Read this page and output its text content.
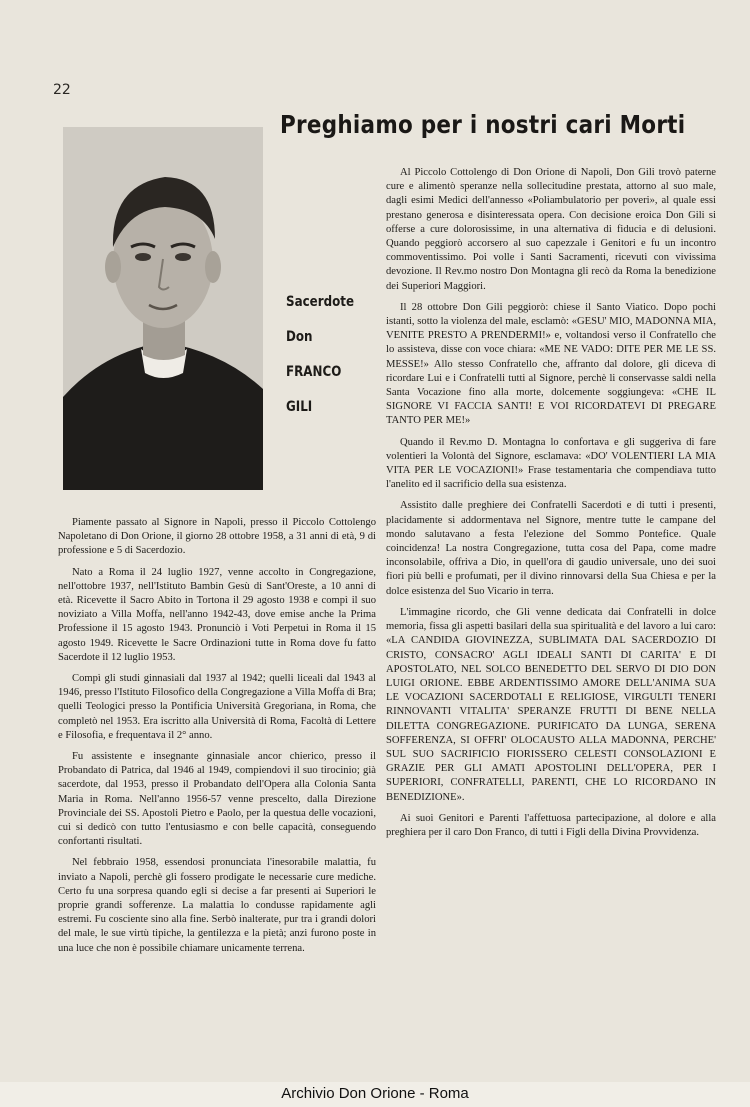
22
Preghiamo per i nostri cari Morti
Sacerdote
Don
FRANCO
GILI

Piamente passato al Signore in Napoli, presso il Piccolo Cottolengo Napoletano di Don Orione, il giorno 28 ottobre 1958, a 31 anni di età, 9 di professione e 5 di Sacerdozio.

Nato a Roma il 24 luglio 1927, venne accolto in Congregazione, nell'ottobre 1937, nell'Istituto Bambin Gesù di Sant'Oreste, a 10 anni di età. Ricevette il Sacro Abito in Tortona il 29 agosto 1938 e compì il suo noviziato a Villa Moffa, nell'anno 1942-43, dove emise anche la Prima Professione il 15 agosto 1943. Pronunciò i Voti Perpetui in Roma il 15 agosto 1949. Ricevette le Sacre Ordinazioni tutte in Roma dove fu fatto Sacerdote il 12 luglio 1953.

Compì gli studi ginnasiali dal 1937 al 1942; quelli liceali dal 1943 al 1946, presso l'Istituto Filosofico della Congregazione a Villa Moffa di Bra; quelli Teologici presso la Pontificia Università Gregoriana, in Roma, che completò nel 1953. Era iscritto alla Università di Roma, Facoltà di Lettere e Filosofia, e frequentava il 2° anno.

Fu assistente e insegnante ginnasiale ancor chierico, presso il Probandato di Patrica, dal 1946 al 1949, compiendovi il suo tirocinio; già sacerdote, dal 1953, presso il Probandato dell'Opera alla Colonia Santa Maria in Roma. Nell'anno 1956-57 venne prescelto, dalla Direzione Provinciale dei SS. Apostoli Pietro e Paolo, per la questua delle vocazioni, cui si dedicò con tutto l'entusiasmo e con belle capacità, conseguendo confortanti risultati.

Nel febbraio 1958, essendosi pronunciata l'inesorabile malattia, fu inviato a Napoli, perchè gli fossero prodigate le necessarie cure mediche. Certo fu una sorpresa quando egli si decise a far presenti ai Superiori le proprie grandi sofferenze. La malattia lo condusse rapidamente agli estremi. Fu cosciente sino alla fine. Serbò inalterate, pur tra i grandi dolori del male, le sue virtù tipiche, la gentilezza e la pietà; anzi furono poste in una luce che non è possibile chiamare unicamente terrena.

Al Piccolo Cottolengo di Don Orione di Napoli, Don Gili trovò paterne cure e alimentò speranze nella sollecitudine prestata, attorno al suo male, dagli esimi Medici dell'annesso «Poliambulatorio per poveri», al quale essi prestano generosa e disinteressata opera. Con decisione eroica Don Gili si offerse a cure dolorosissime, in una alternativa di fiducia e di delusioni. Quando peggiorò accorsero al suo capezzale i Genitori e fu un incontro commoventissimo. Poi volle i Santi Sacramenti, ricevuti con vivissima devozione. Il Rev.mo nostro Don Montagna gli recò da Roma la benedizione dei Superiori Maggiori.

Il 28 ottobre Don Gili peggiorò: chiese il Santo Viatico. Dopo pochi istanti, sotto la violenza del male, esclamò: «GESU' MIO, MADONNA MIA, VENITE PRESTO A PRENDERMI!» e, voltandosi verso il Confratello che lo assisteva, disse con voce chiara: «ME NE VADO: DITE PER ME LE SS. MESSE!» Allo stesso Confratello che, affranto dal dolore, gli diceva di ricordare Lui e i Confratelli tutti al Signore, perchè li conservasse saldi nella Santa Vocazione fino alla morte, dolcemente soggiungeva: «CHE IL SIGNORE VI FACCIA SANTI! E VOI RICORDATEVI DI PREGARE TANTO PER ME!»

Quando il Rev.mo D. Montagna lo confortava e gli suggeriva di fare volentieri la Volontà del Signore, esclamava: «DO' VOLENTIERI LA MIA VITA PER LE VOCAZIONI!» Frase testamentaria che compendiava tutto l'anelito ed il sacrificio della sua esistenza.

Assistito dalle preghiere dei Confratelli Sacerdoti e di tutti i presenti, placidamente si addormentava nel Signore, mentre tutte le campane del mondo salutavano a festa l'elezione del Sommo Pontefice. Quale coincidenza! La nostra Congregazione, tutta cosa del Papa, come madre inconsolabile, offriva a Dio, in quell'ora di gaudio universale, uno dei suoi fiori più belli e profumati, per il divino rinnovarsi della Sua Chiesa e per la dolce esistenza del Suo Vicario in terra.

L'immagine ricordo, che Gli venne dedicata dai Confratelli in dolce memoria, fissa gli aspetti basilari della sua spiritualità e del lavoro a lui caro: «LA CANDIDA GIOVINEZZA, SUBLIMATA DAL SACERDOZIO DI CRISTO, CONSACRO' AGLI IDEALI SANTI DI CARITA' E DI APOSTOLATO, NEL SOLCO BENEDETTO DEL SERVO DI DIO DON LUIGI ORIONE. EBBE ARDENTISSIMO AMORE DELL'ANIMA SUA LE VOCAZIONI SACERDOTALI E RELIGIOSE, VIRGULTI TENERI RINNOVANTI VITALITA' SPERANZE FRUTTI DI BENE NELLA DILETTA CONGREGAZIONE. PURIFICATO DA LUNGA, SERENA SOFFERENZA, SI OFFRI' OLOCAUSTO ALLA MADONNA, PERCHE' SUL SUO SACRIFICIO FIORISSERO CELESTI CONSOLAZIONI E GRAZIE PER GLI AMATI APOSTOLINI DELL'OPERA, PER I SUPERIORI, CONFRATELLI, PARENTI, CHE LO RICORDANO IN BENEDIZIONE».

Ai suoi Genitori e Parenti l'affettuosa partecipazione, al dolore e alla preghiera per il caro Don Franco, di tutti i Figli della Divina Provvidenza.

Archivio Don Orione - Roma
